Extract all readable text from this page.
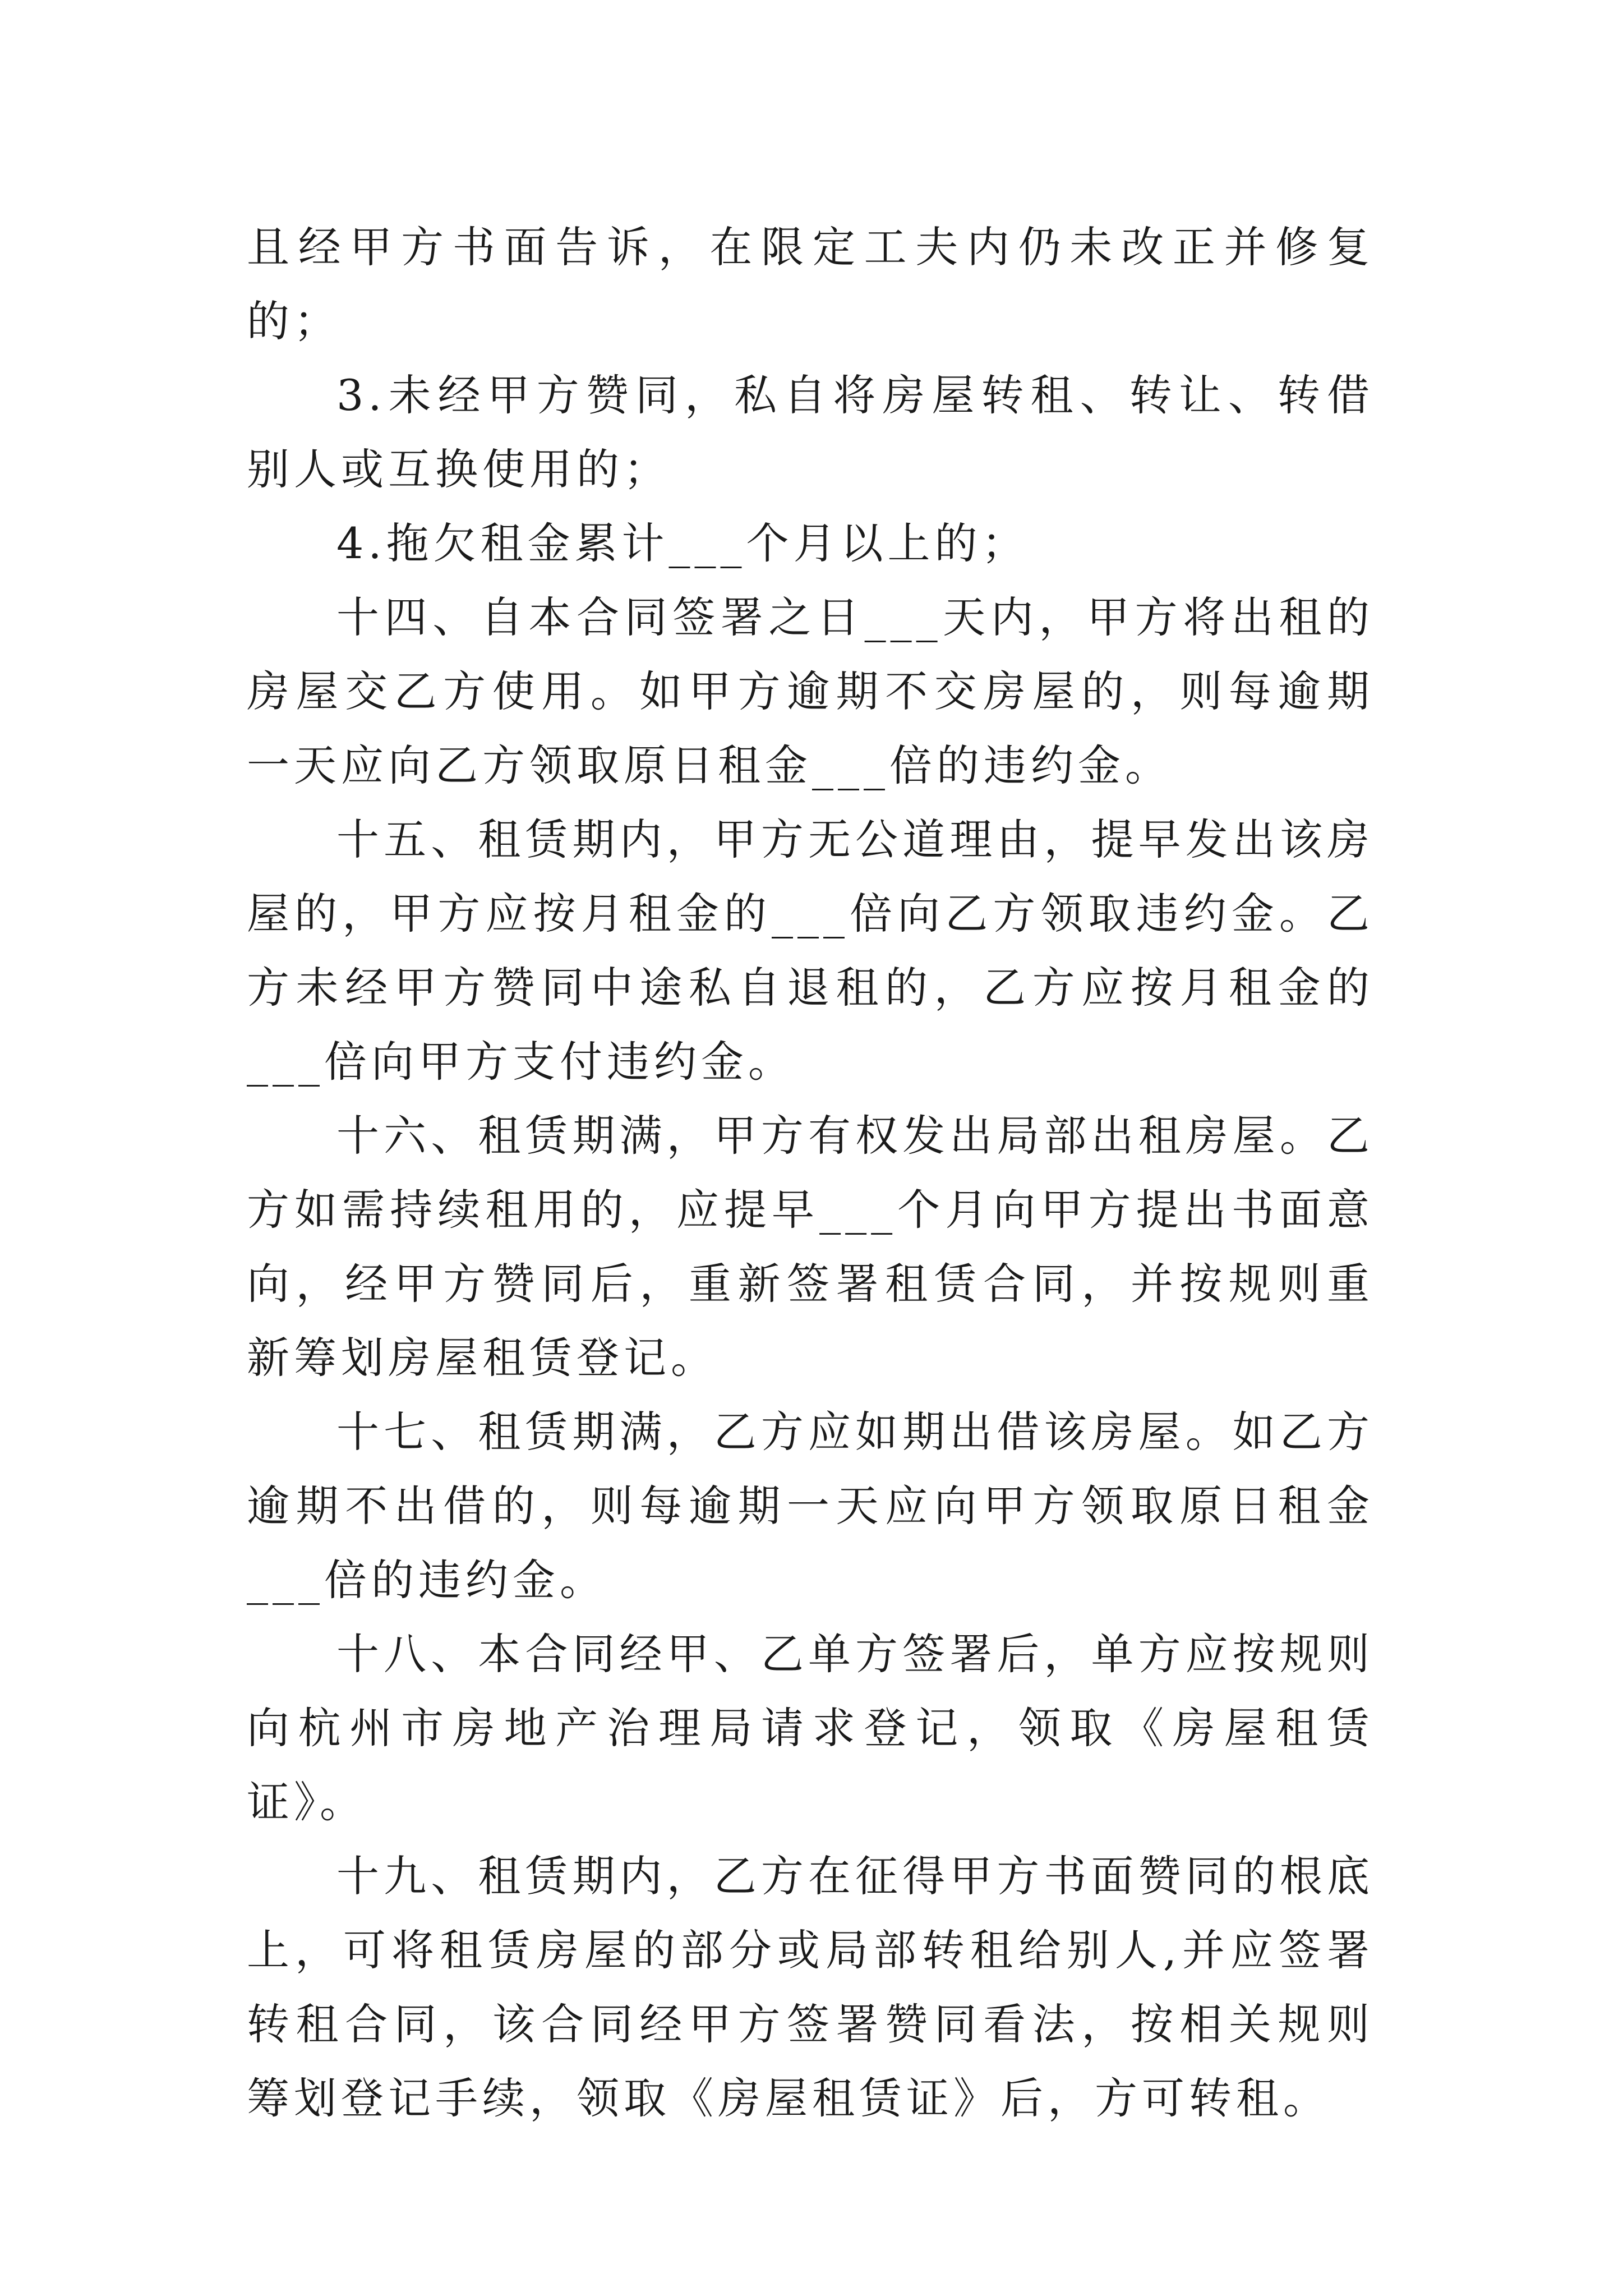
且经甲方书面告诉，在限定工夫内仍未改正并修复的；

3.未经甲方赞同，私自将房屋转租、转让、转借别人或互换使用的；

4.拖欠租金累计___个月以上的；

十四、自本合同签署之日___天内，甲方将出租的房屋交乙方使用。如甲方逾期不交房屋的，则每逾期一天应向乙方领取原日租金___倍的违约金。

十五、租赁期内，甲方无公道理由，提早发出该房屋的，甲方应按月租金的___倍向乙方领取违约金。乙方未经甲方赞同中途私自退租的，乙方应按月租金的___倍向甲方支付违约金。

十六、租赁期满，甲方有权发出局部出租房屋。乙方如需持续租用的，应提早___个月向甲方提出书面意向，经甲方赞同后，重新签署租赁合同，并按规则重新筹划房屋租赁登记。

十七、租赁期满，乙方应如期出借该房屋。如乙方逾期不出借的，则每逾期一天应向甲方领取原日租金___倍的违约金。

十八、本合同经甲、乙单方签署后，单方应按规则向杭州市房地产治理局请求登记，领取《房屋租赁证》。

十九、租赁期内，乙方在征得甲方书面赞同的根底上，可将租赁房屋的部分或局部转租给别人,并应签署转租合同，该合同经甲方签署赞同看法，按相关规则筹划登记手续，领取《房屋租赁证》后，方可转租。
